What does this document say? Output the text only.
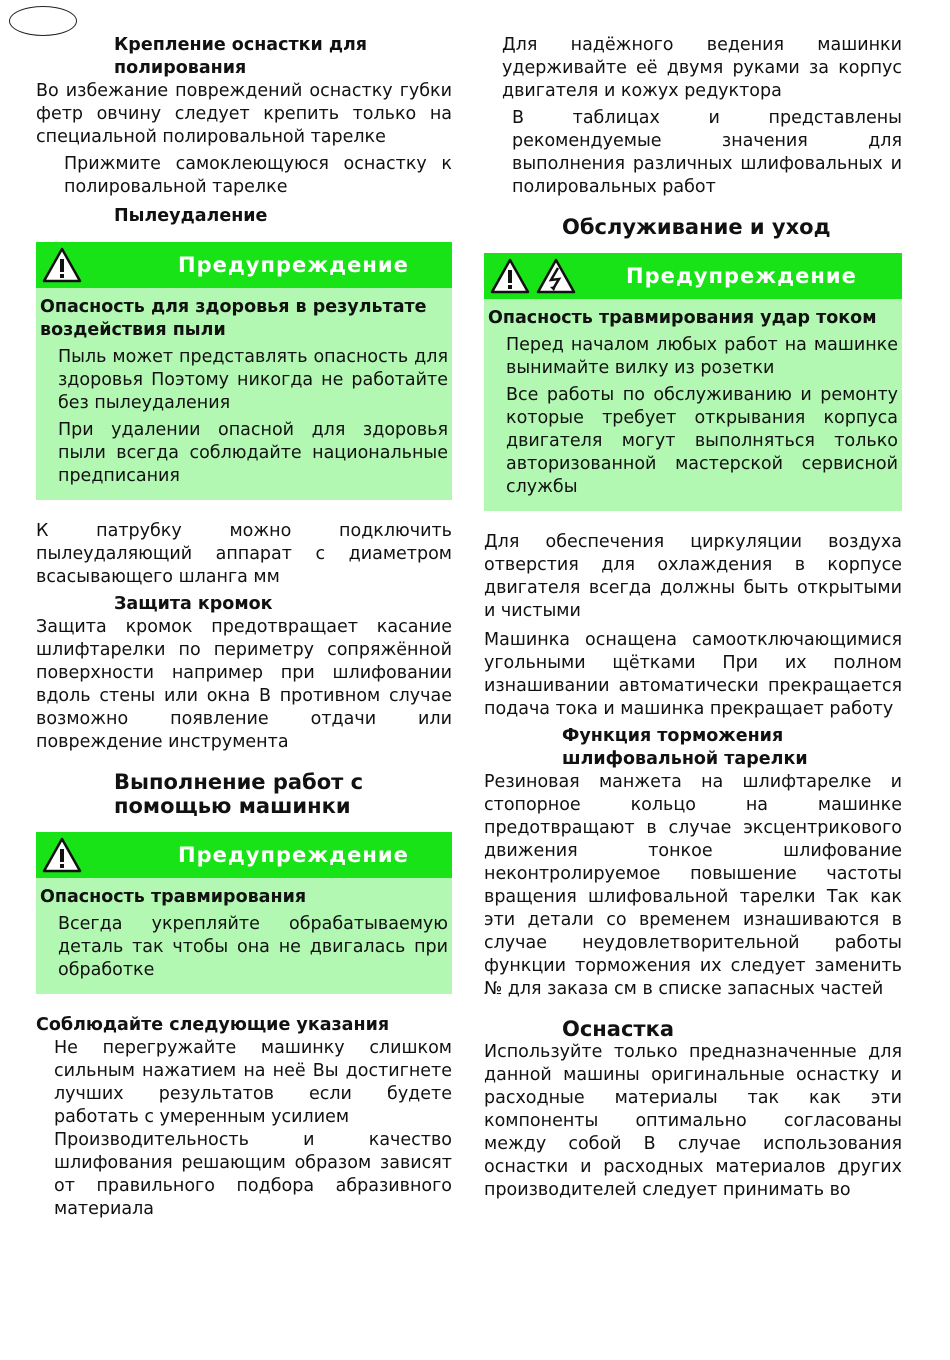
Крепление оснастки для полирования

Во избежание повреждений оснастку губки фетр овчину следует крепить только на специальной полировальной тарелке

Прижмите самоклеющуюся оснастку к полировальной тарелке

Пылеудаление
Предупреждение
Опасность для здоровья в результате воздействия пыли

Пыль может представлять опасность для здоровья Поэтому никогда не работайте без пылеудаления

При удалении опасной для здоровья пыли всегда соблюдайте национальные предписания

К патрубку можно подключить пылеудаляющий аппарат с диаметром всасывающего шланга мм

Защита кромок

Защита кромок предотвращает касание шлифтарелки по периметру сопряжённой поверхности например при шлифовании вдоль стены или окна В противном случае возможно появление отдачи или повреждение инструмента

Выполнение работ с помощью машинки
Предупреждение
Опасность травмирования

Всегда укрепляйте обрабатываемую деталь так чтобы она не двигалась при обработке

Соблюдайте следующие указания

Не перегружайте машинку слишком сильным нажатием на неё Вы достигнете лучших результатов если будете работать с умеренным усилием

Производительность и качество шлифования решающим образом зависят от правильного подбора абразивного материала

Для надёжного ведения машинки удерживайте её двумя руками за корпус двигателя и кожух редуктора

В таблицах и представлены рекомендуемые значения для выполнения различных шлифовальных и полировальных работ

Обслуживание и уход
Предупреждение
Опасность травмирования удар током

Перед началом любых работ на машинке вынимайте вилку из розетки

Все работы по обслуживанию и ремонту которые требует открывания корпуса двигателя могут выполняться только авторизованной мастерской сервисной службы

Для обеспечения циркуляции воздуха отверстия для охлаждения в корпусе двигателя всегда должны быть открытыми и чистыми

Машинка оснащена самоотключающимися угольными щётками При их полном изнашивании автоматически прекращается подача тока и машинка прекращает работу

Функция торможения шлифовальной тарелки

Резиновая манжета на шлифтарелке и стопорное кольцо на машинке предотвращают в случае эксцентрикового движения тонкое шлифование неконтролируемое повышение частоты вращения шлифовальной тарелки Так как эти детали со временем изнашиваются в случае неудовлетворительной работы функции торможения их следует заменить № для заказа см в списке запасных частей

Оснастка

Используйте только предназначенные для данной машины оригинальные оснастку и расходные материалы так как эти компоненты оптимально согласованы между собой В случае использования оснастки и расходных материалов других производителей следует принимать во
